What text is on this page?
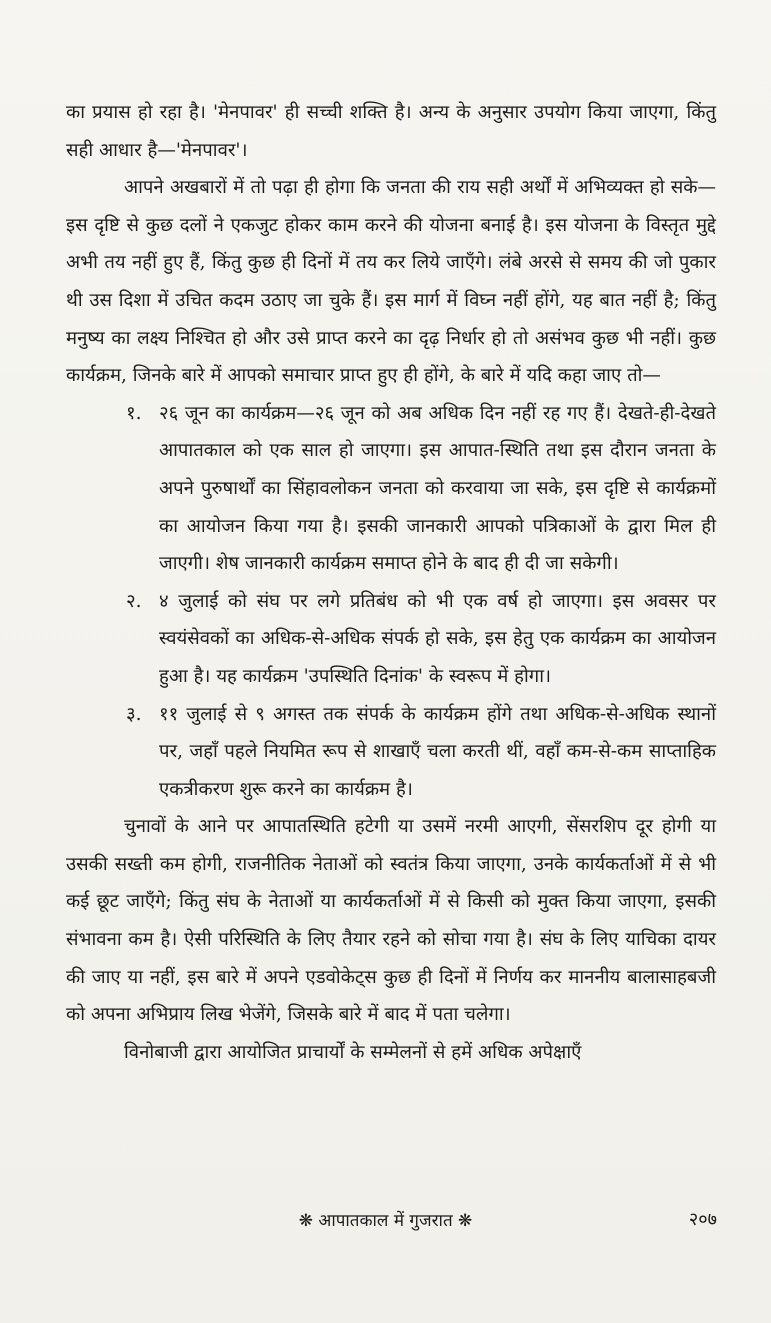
का प्रयास हो रहा है। 'मेनपावर' ही सच्ची शक्ति है। अन्य के अनुसार उपयोग किया जाएगा, किंतु सही आधार है—'मेनपावर'।

आपने अखबारों में तो पढ़ा ही होगा कि जनता की राय सही अर्थों में अभिव्यक्त हो सके—इस दृष्टि से कुछ दलों ने एकजुट होकर काम करने की योजना बनाई है। इस योजना के विस्तृत मुद्दे अभी तय नहीं हुए हैं, किंतु कुछ ही दिनों में तय कर लिये जाएँगे। लंबे अरसे से समय की जो पुकार थी उस दिशा में उचित कदम उठाए जा चुके हैं। इस मार्ग में विघ्न नहीं होंगे, यह बात नहीं है; किंतु मनुष्य का लक्ष्य निश्चित हो और उसे प्राप्त करने का दृढ़ निर्धार हो तो असंभव कुछ भी नहीं। कुछ कार्यक्रम, जिनके बारे में आपको समाचार प्राप्त हुए ही होंगे, के बारे में यदि कहा जाए तो—

१. २६ जून का कार्यक्रम—२६ जून को अब अधिक दिन नहीं रह गए हैं। देखते-ही-देखते आपातकाल को एक साल हो जाएगा। इस आपात-स्थिति तथा इस दौरान जनता के अपने पुरुषार्थों का सिंहावलोकन जनता को करवाया जा सके, इस दृष्टि से कार्यक्रमों का आयोजन किया गया है। इसकी जानकारी आपको पत्रिकाओं के द्वारा मिल ही जाएगी। शेष जानकारी कार्यक्रम समाप्त होने के बाद ही दी जा सकेगी।
२. ४ जुलाई को संघ पर लगे प्रतिबंध को भी एक वर्ष हो जाएगा। इस अवसर पर स्वयंसेवकों का अधिक-से-अधिक संपर्क हो सके, इस हेतु एक कार्यक्रम का आयोजन हुआ है। यह कार्यक्रम 'उपस्थिति दिनांक' के स्वरूप में होगा।
३. ११ जुलाई से ९ अगस्त तक संपर्क के कार्यक्रम होंगे तथा अधिक-से-अधिक स्थानों पर, जहाँ पहले नियमित रूप से शाखाएँ चला करती थीं, वहाँ कम-से-कम साप्ताहिक एकत्रीकरण शुरू करने का कार्यक्रम है।

चुनावों के आने पर आपातस्थिति हटेगी या उसमें नरमी आएगी, सेंसरशिप दूर होगी या उसकी सख्ती कम होगी, राजनीतिक नेताओं को स्वतंत्र किया जाएगा, उनके कार्यकर्ताओं में से भी कई छूट जाएँगे; किंतु संघ के नेताओं या कार्यकर्ताओं में से किसी को मुक्त किया जाएगा, इसकी संभावना कम है। ऐसी परिस्थिति के लिए तैयार रहने को सोचा गया है। संघ के लिए याचिका दायर की जाए या नहीं, इस बारे में अपने एडवोकेट्स कुछ ही दिनों में निर्णय कर माननीय बालासाहबजी को अपना अभिप्राय लिख भेजेंगे, जिसके बारे में बाद में पता चलेगा।

विनोबाजी द्वारा आयोजित प्राचार्यों के सम्मेलनों से हमें अधिक अपेक्षाएँ

❋ आपातकाल में गुजरात ❋	२०७
